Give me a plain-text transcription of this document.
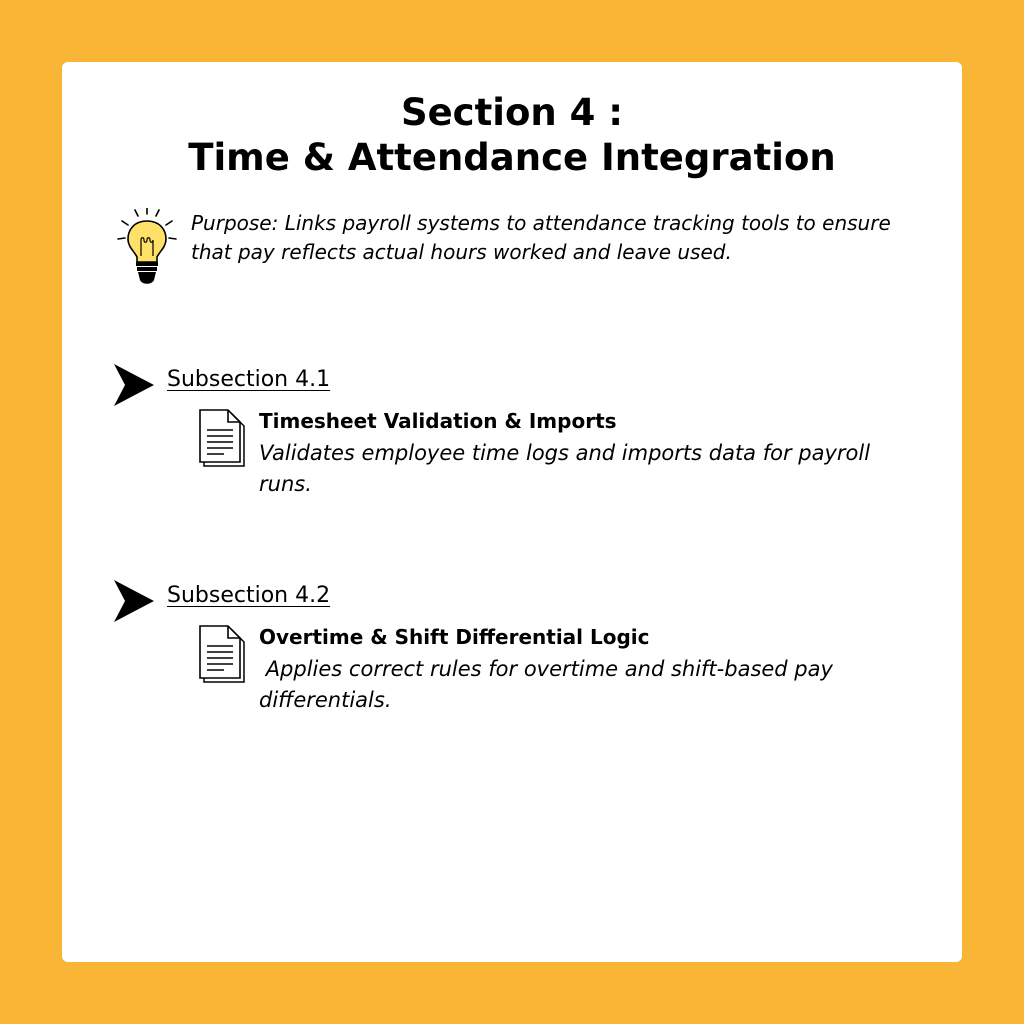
Section 4 :
Time & Attendance Integration
Purpose: Links payroll systems to attendance tracking tools to ensure that pay reflects actual hours worked and leave used.
Subsection 4.1
Timesheet Validation & Imports
Validates employee time logs and imports data for payroll runs.
Subsection 4.2
Overtime & Shift Differential Logic
Applies correct rules for overtime and shift-based pay differentials.
